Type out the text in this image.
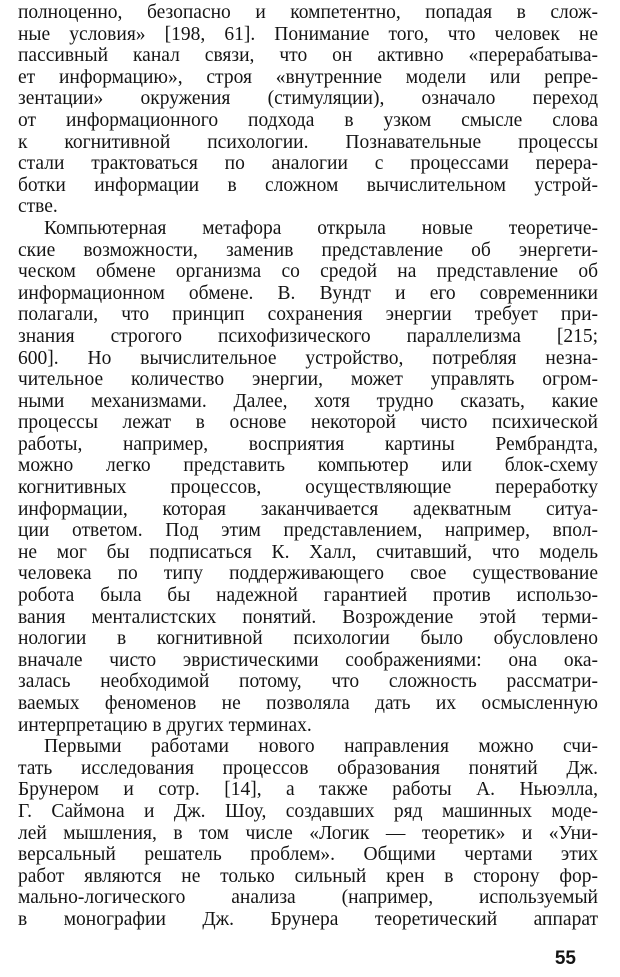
полноценно, безопасно и компетентно, попадая в слож-
ные условия» [198, 61]. Понимание того, что человек не
пассивный канал связи, что он активно «перерабатыва-
ет информацию», строя «внутренние модели или репре-
зентации» окружения (стимуляции), означало переход
от информационного подхода в узком смысле слова
к когнитивной психологии. Познавательные процессы
стали трактоваться по аналогии с процессами перера-
ботки информации в сложном вычислительном устрой-
стве.
Компьютерная метафора открыла новые теоретиче-
ские возможности, заменив представление об энергети-
ческом обмене организма со средой на представление об
информационном обмене. В. Вундт и его современники
полагали, что принцип сохранения энергии требует при-
знания строгого психофизического параллелизма [215;
600]. Но вычислительное устройство, потребляя незна-
чительное количество энергии, может управлять огром-
ными механизмами. Далее, хотя трудно сказать, какие
процессы лежат в основе некоторой чисто психической
работы, например, восприятия картины Рембрандта,
можно легко представить компьютер или блок-схему
когнитивных процессов, осуществляющие переработку
информации, которая заканчивается адекватным ситуа-
ции ответом. Под этим представлением, например, впол-
не мог бы подписаться К. Халл, считавший, что модель
человека по типу поддерживающего свое существование
робота была бы надежной гарантией против использо-
вания менталистских понятий. Возрождение этой терми-
нологии в когнитивной психологии было обусловлено
вначале чисто эвристическими соображениями: она ока-
залась необходимой потому, что сложность рассматри-
ваемых феноменов не позволяла дать их осмысленную
интерпретацию в других терминах.
Первыми работами нового направления можно счи-
тать исследования процессов образования понятий Дж.
Брунером и сотр. [14], а также работы А. Ньюэлла,
Г. Саймона и Дж. Шоу, создавших ряд машинных моде-
лей мышления, в том числе «Логик — теоретик» и «Уни-
версальный решатель проблем». Общими чертами этих
работ являются не только сильный крен в сторону фор-
мально-логического анализа (например, используемый
в монографии Дж. Брунера теоретический аппарат
55
